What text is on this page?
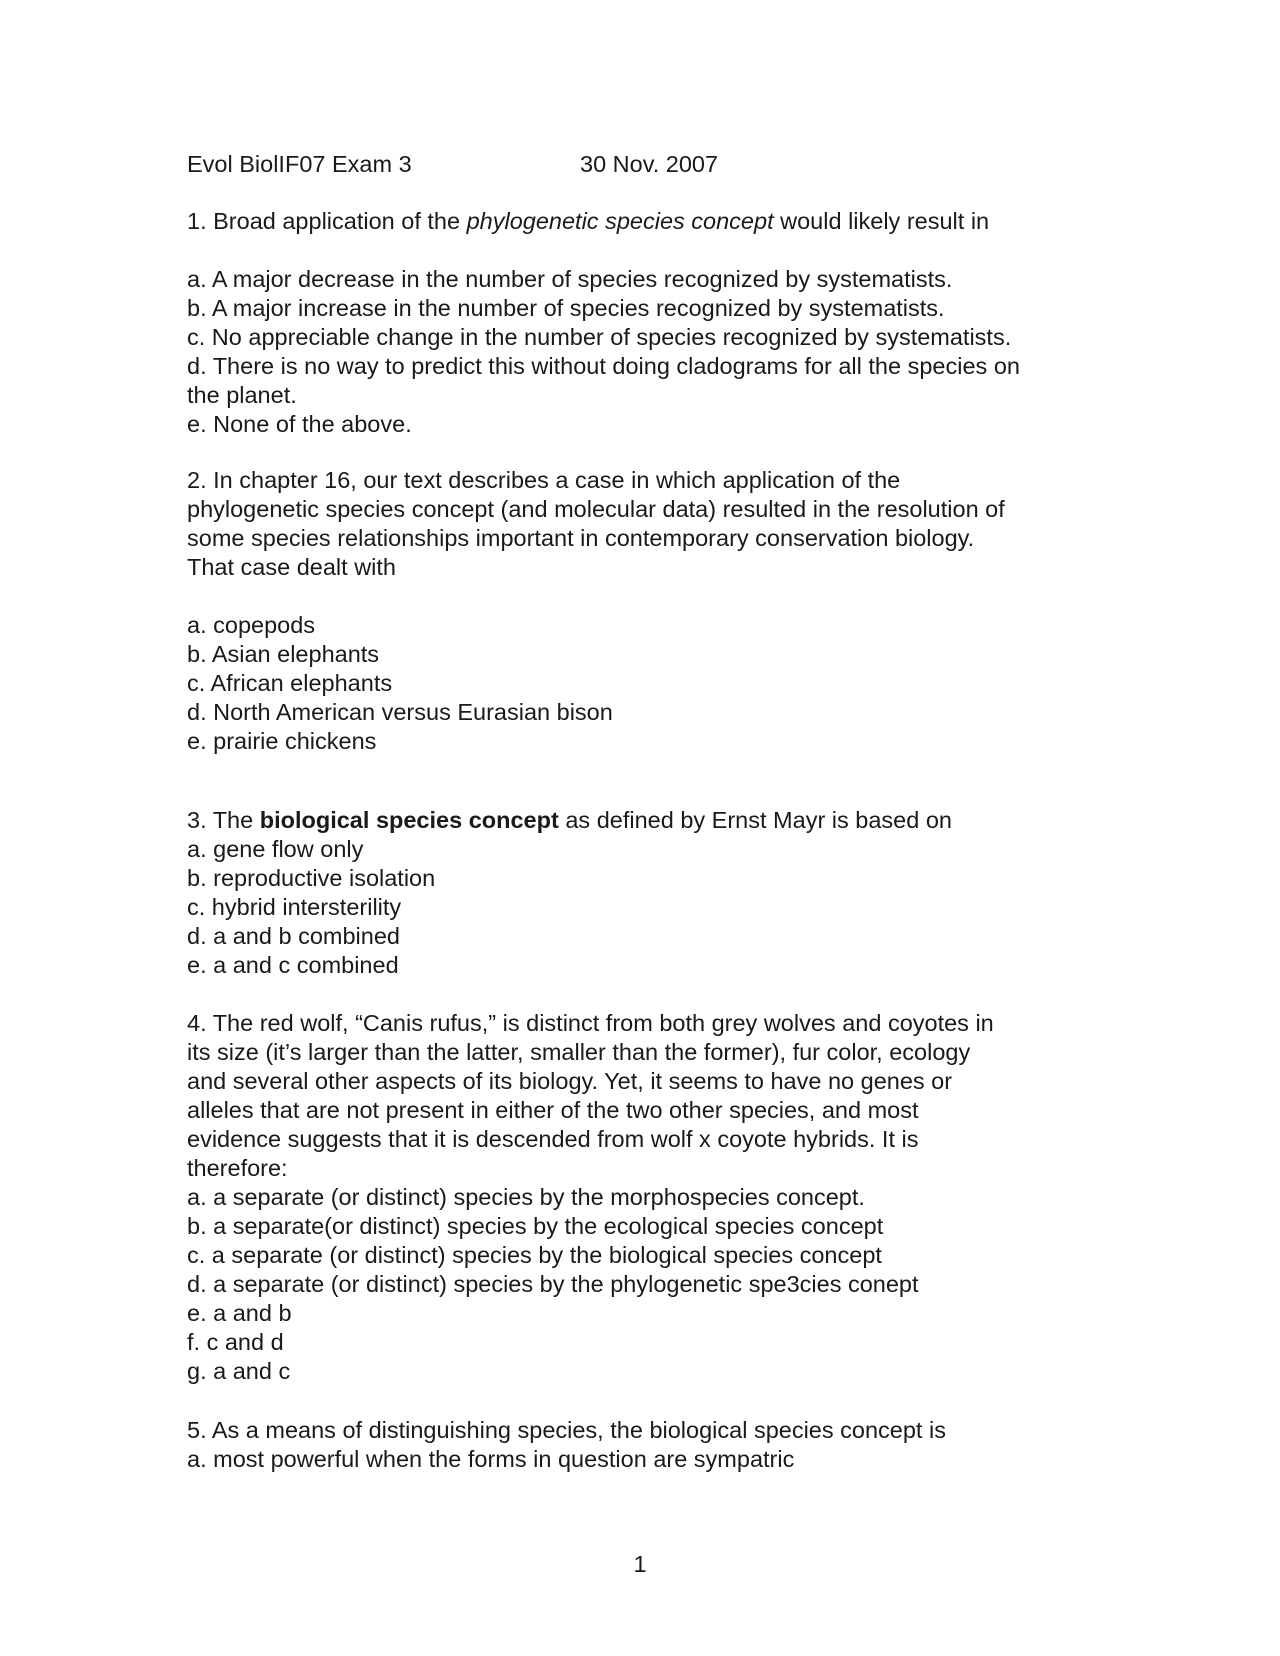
Evol BiolIF07 Exam 3	30 Nov. 2007
1. Broad application of the phylogenetic species concept would likely result in
a. A major decrease in the number of species recognized by systematists.
b. A major increase in the number of species recognized by systematists.
c. No appreciable change in the number of species recognized by systematists.
d. There is no way to predict this without doing cladograms for all the species on
the planet.
e. None of the above.
2. In chapter 16, our text describes a case in which application of the
phylogenetic species concept (and molecular data) resulted in the resolution of
some species relationships important in contemporary conservation biology.
That case dealt with
a. copepods
b. Asian elephants
c. African elephants
d. North American versus Eurasian bison
e. prairie chickens
3. The biological species concept as defined by Ernst Mayr is based on
a. gene flow only
b. reproductive isolation
c. hybrid intersterility
d. a and b combined
e. a and c combined
4. The red wolf, “Canis rufus,” is distinct from both grey wolves and coyotes in
its size (it’s larger than the latter, smaller than the former), fur color, ecology
and several other aspects of its biology. Yet, it seems to have no genes or
alleles that are not present in either of the two other species, and most
evidence suggests that it is descended from wolf x coyote hybrids. It is
therefore:
a. a separate (or distinct) species by the morphospecies concept.
b. a separate(or distinct) species by the ecological species concept
c. a separate (or distinct) species by the biological species concept
d. a separate (or distinct) species by the phylogenetic spe3cies conept
e. a and b
f. c and d
g. a and c
5. As a means of distinguishing species, the biological species concept is
a. most powerful when the forms in question are sympatric
1
